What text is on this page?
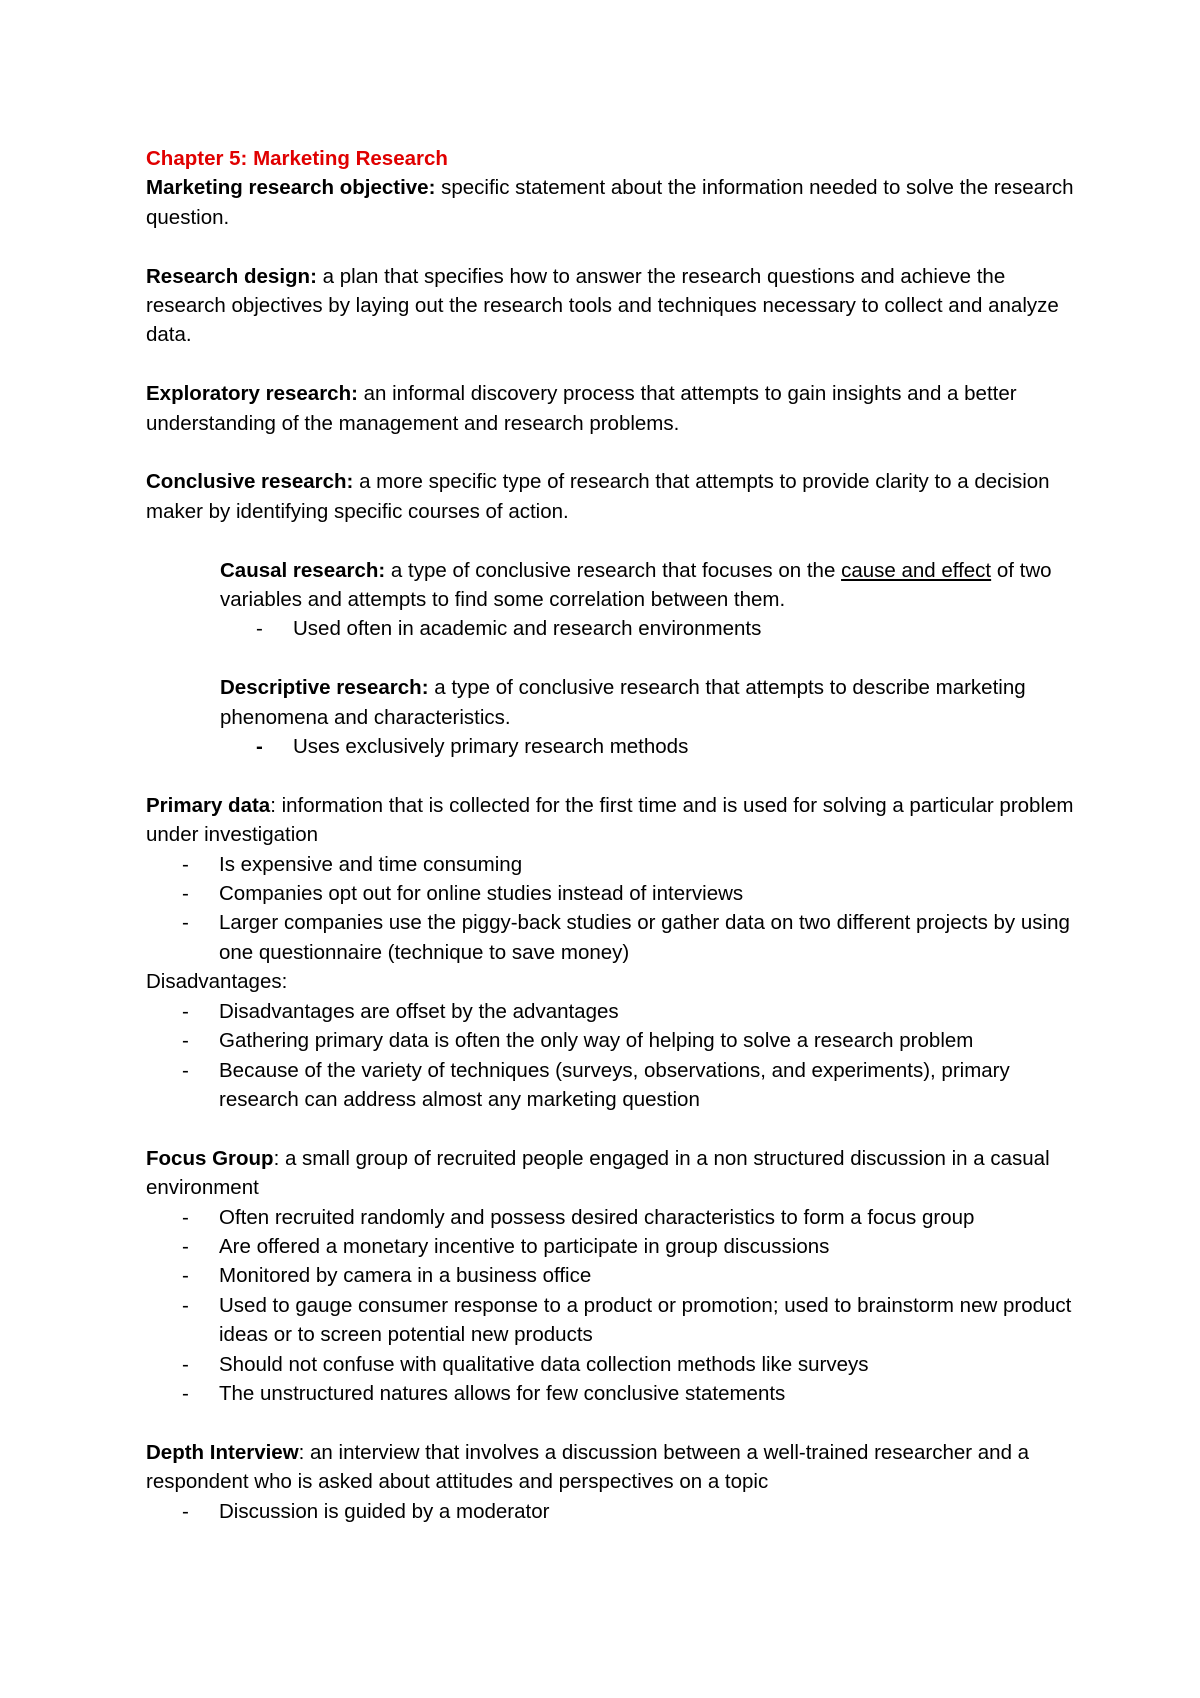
Chapter 5: Marketing Research
Marketing research objective: specific statement about the information needed to solve the research question.
Research design: a plan that specifies how to answer the research questions and achieve the research objectives by laying out the research tools and techniques necessary to collect and analyze data.
Exploratory research: an informal discovery process that attempts to gain insights and a better understanding of the management and research problems.
Conclusive research: a more specific type of research that attempts to provide clarity to a decision maker by identifying specific courses of action.
Causal research: a type of conclusive research that focuses on the cause and effect of two variables and attempts to find some correlation between them.
- Used often in academic and research environments
Descriptive research: a type of conclusive research that attempts to describe marketing phenomena and characteristics.
- Uses exclusively primary research methods
Primary data: information that is collected for the first time and is used for solving a particular problem under investigation
- Is expensive and time consuming
- Companies opt out for online studies instead of interviews
- Larger companies use the piggy-back studies or gather data on two different projects by using one questionnaire (technique to save money)
Disadvantages:
- Disadvantages are offset by the advantages
- Gathering primary data is often the only way of helping to solve a research problem
- Because of the variety of techniques (surveys, observations, and experiments), primary research can address almost any marketing question
Focus Group: a small group of recruited people engaged in a non structured discussion in a casual environment
- Often recruited randomly and possess desired characteristics to form a focus group
- Are offered a monetary incentive to participate in group discussions
- Monitored by camera in a business office
- Used to gauge consumer response to a product or promotion; used to brainstorm new product ideas or to screen potential new products
- Should not confuse with qualitative data collection methods like surveys
- The unstructured natures allows for few conclusive statements
Depth Interview: an interview that involves a discussion between a well-trained researcher and a respondent who is asked about attitudes and perspectives on a topic
- Discussion is guided by a moderator
